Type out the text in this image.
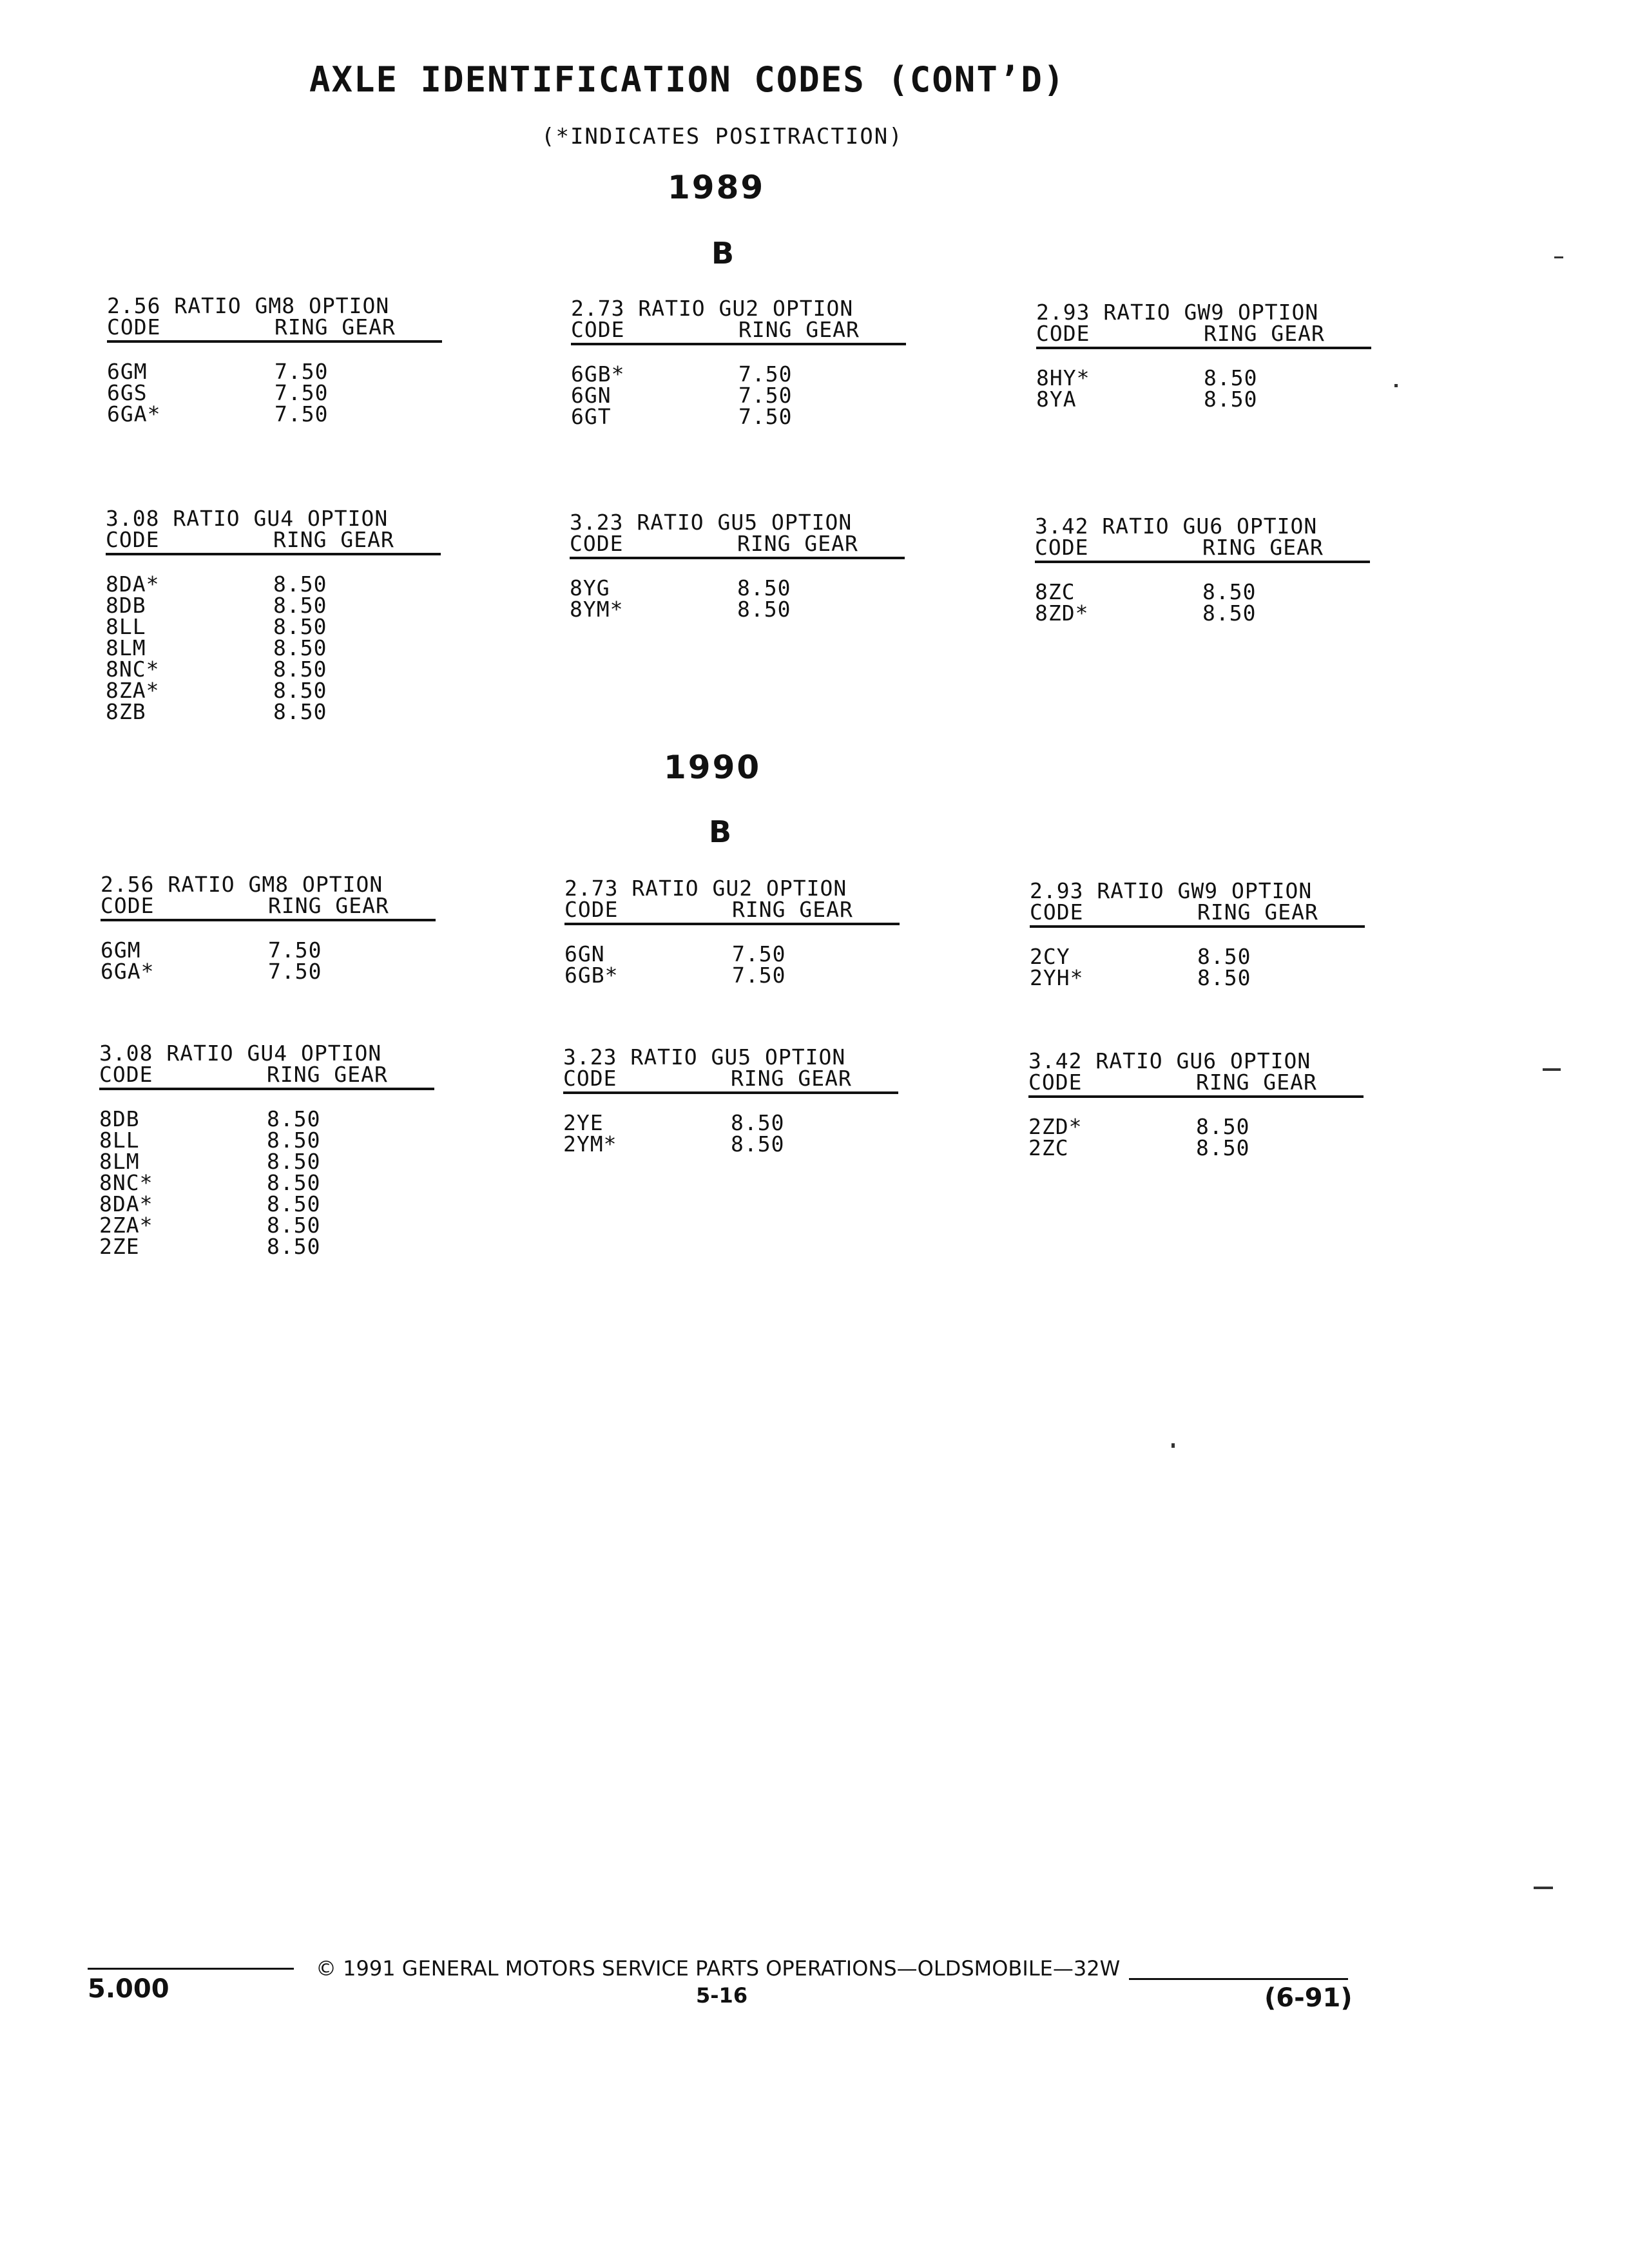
AXLE IDENTIFICATION CODES (CONT’D)
(*INDICATES POSITRACTION)
1989
B
1990
B
2.56 RATIO GM8 OPTION
CODE	RING GEAR
6GM	7.50
6GS	7.50
6GA*	7.50
2.73 RATIO GU2 OPTION
CODE	RING GEAR
6GB*	7.50
6GN	7.50
6GT	7.50
2.93 RATIO GW9 OPTION
CODE	RING GEAR
8HY*	8.50
8YA	8.50
3.08 RATIO GU4 OPTION
CODE	RING GEAR
8DA*	8.50
8DB	8.50
8LL	8.50
8LM	8.50
8NC*	8.50
8ZA*	8.50
8ZB	8.50
3.23 RATIO GU5 OPTION
CODE	RING GEAR
8YG	8.50
8YM*	8.50
3.42 RATIO GU6 OPTION
CODE	RING GEAR
8ZC	8.50
8ZD*	8.50
2.56 RATIO GM8 OPTION
CODE	RING GEAR
6GM	7.50
6GA*	7.50
2.73 RATIO GU2 OPTION
CODE	RING GEAR
6GN	7.50
6GB*	7.50
2.93 RATIO GW9 OPTION
CODE	RING GEAR
2CY	8.50
2YH*	8.50
3.08 RATIO GU4 OPTION
CODE	RING GEAR
8DB	8.50
8LL	8.50
8LM	8.50
8NC*	8.50
8DA*	8.50
2ZA*	8.50
2ZE	8.50
3.23 RATIO GU5 OPTION
CODE	RING GEAR
2YE	8.50
2YM*	8.50
3.42 RATIO GU6 OPTION
CODE	RING GEAR
2ZD*	8.50
2ZC	8.50
© 1991 GENERAL MOTORS SERVICE PARTS OPERATIONS—OLDSMOBILE—32W
5.000	5-16	(6-91)
